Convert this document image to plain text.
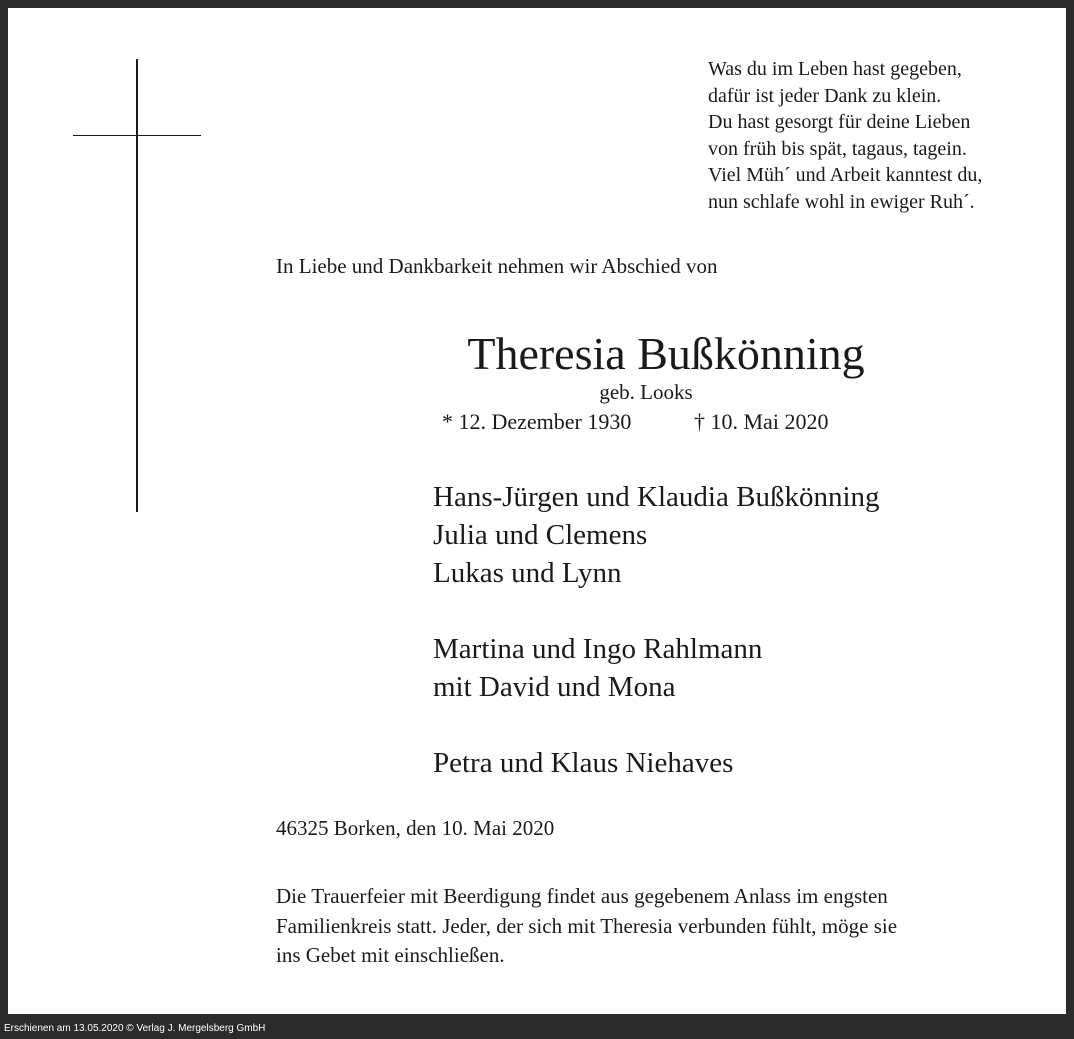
Was du im Leben hast gegeben,
dafür ist jeder Dank zu klein.
Du hast gesorgt für deine Lieben
von früh bis spät, tagaus, tagein.
Viel Müh´ und Arbeit kanntest du,
nun schlafe wohl in ewiger Ruh´.
In Liebe und Dankbarkeit nehmen wir Abschied von
Theresia Bußkönning
geb. Looks
* 12. Dezember 1930	† 10. Mai 2020
Hans-Jürgen und Klaudia Bußkönning
Julia und Clemens
Lukas und Lynn
Martina und Ingo Rahlmann
mit David und Mona
Petra und Klaus Niehaves
46325 Borken, den 10. Mai 2020
Die Trauerfeier mit Beerdigung findet aus gegebenem Anlass im engsten
Familienkreis statt. Jeder, der sich mit Theresia verbunden fühlt, möge sie
ins Gebet mit einschließen.
Erschienen am 13.05.2020 © Verlag J. Mergelsberg GmbH
